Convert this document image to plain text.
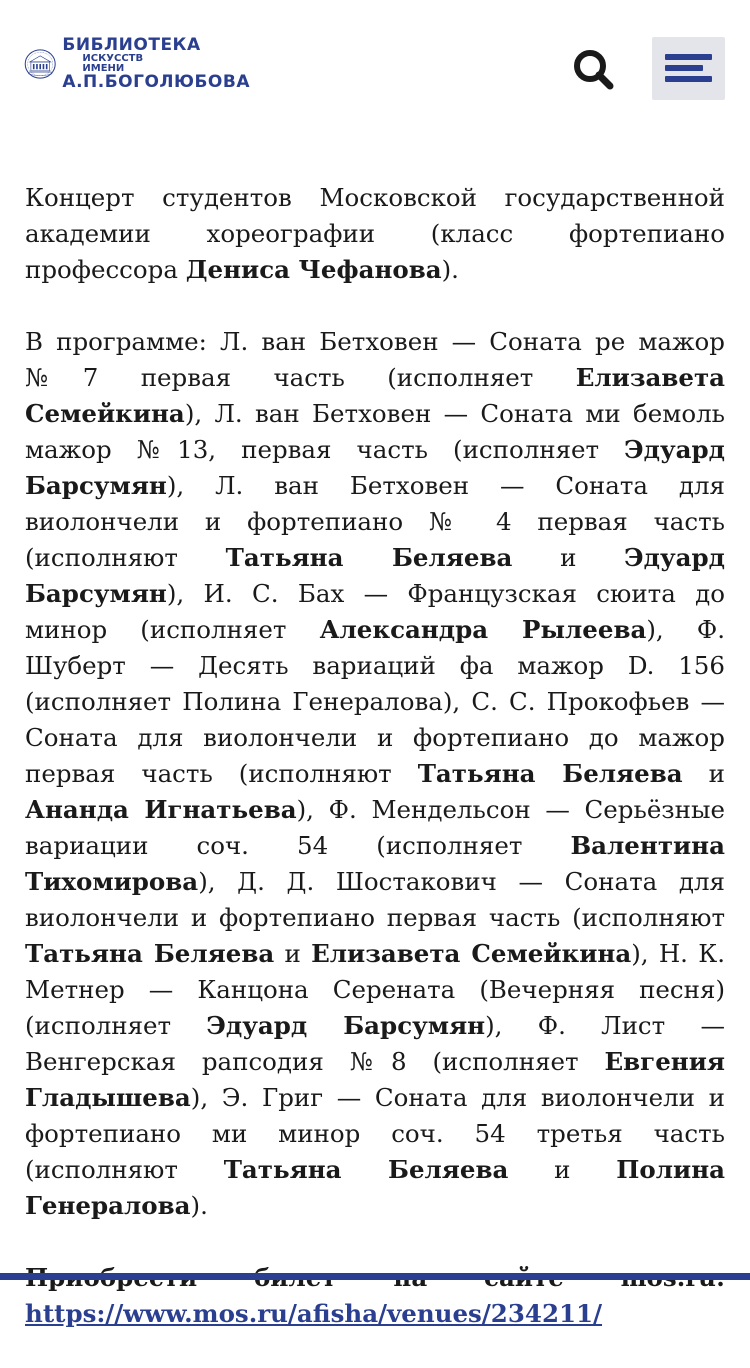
БИБЛИОТЕКА
ИСКУССТВ
ИМЕНИ
А.П.БОГОЛЮБОВА

Концерт студентов Московской государственной академии хореографии (класс фортепиано профессора Дениса Чефанова).

В программе: Л. ван Бетховен — Соната ре мажор №7 первая часть (исполняет Елизавета Семейкина), Л. ван Бетховен — Соната ми бемоль мажор №13, первая часть (исполняет Эдуард Барсумян), Л. ван Бетховен — Соната для виолончели и фортепиано № 4 первая часть (исполняют Татьяна Беляева и Эдуард Барсумян), И. С. Бах — Французская сюита до минор (исполняет Александра Рылеева), Ф. Шуберт — Десять вариаций фа мажор D. 156 (исполняет Полина Генералова), С. С. Прокофьев — Соната для виолончели и фортепиано до мажор первая часть (исполняют Татьяна Беляева и Ананда Игнатьева), Ф. Мендельсон — Серьёзные вариации соч. 54 (исполняет Валентина Тихомирова), Д. Д. Шостакович — Соната для виолончели и фортепиано первая часть (исполняют Татьяна Беляева и Елизавета Семейкина), Н. К. Метнер — Канцона Серената (Вечерняя песня) (исполняет Эдуард Барсумян), Ф. Лист — Венгерская рапсодия №8 (исполняет Евгения Гладышева), Э. Григ — Соната для виолончели и фортепиано ми минор соч. 54 третья часть (исполняют Татьяна Беляева и Полина Генералова).

https://www.mos.ru/afisha/venues/234211/
